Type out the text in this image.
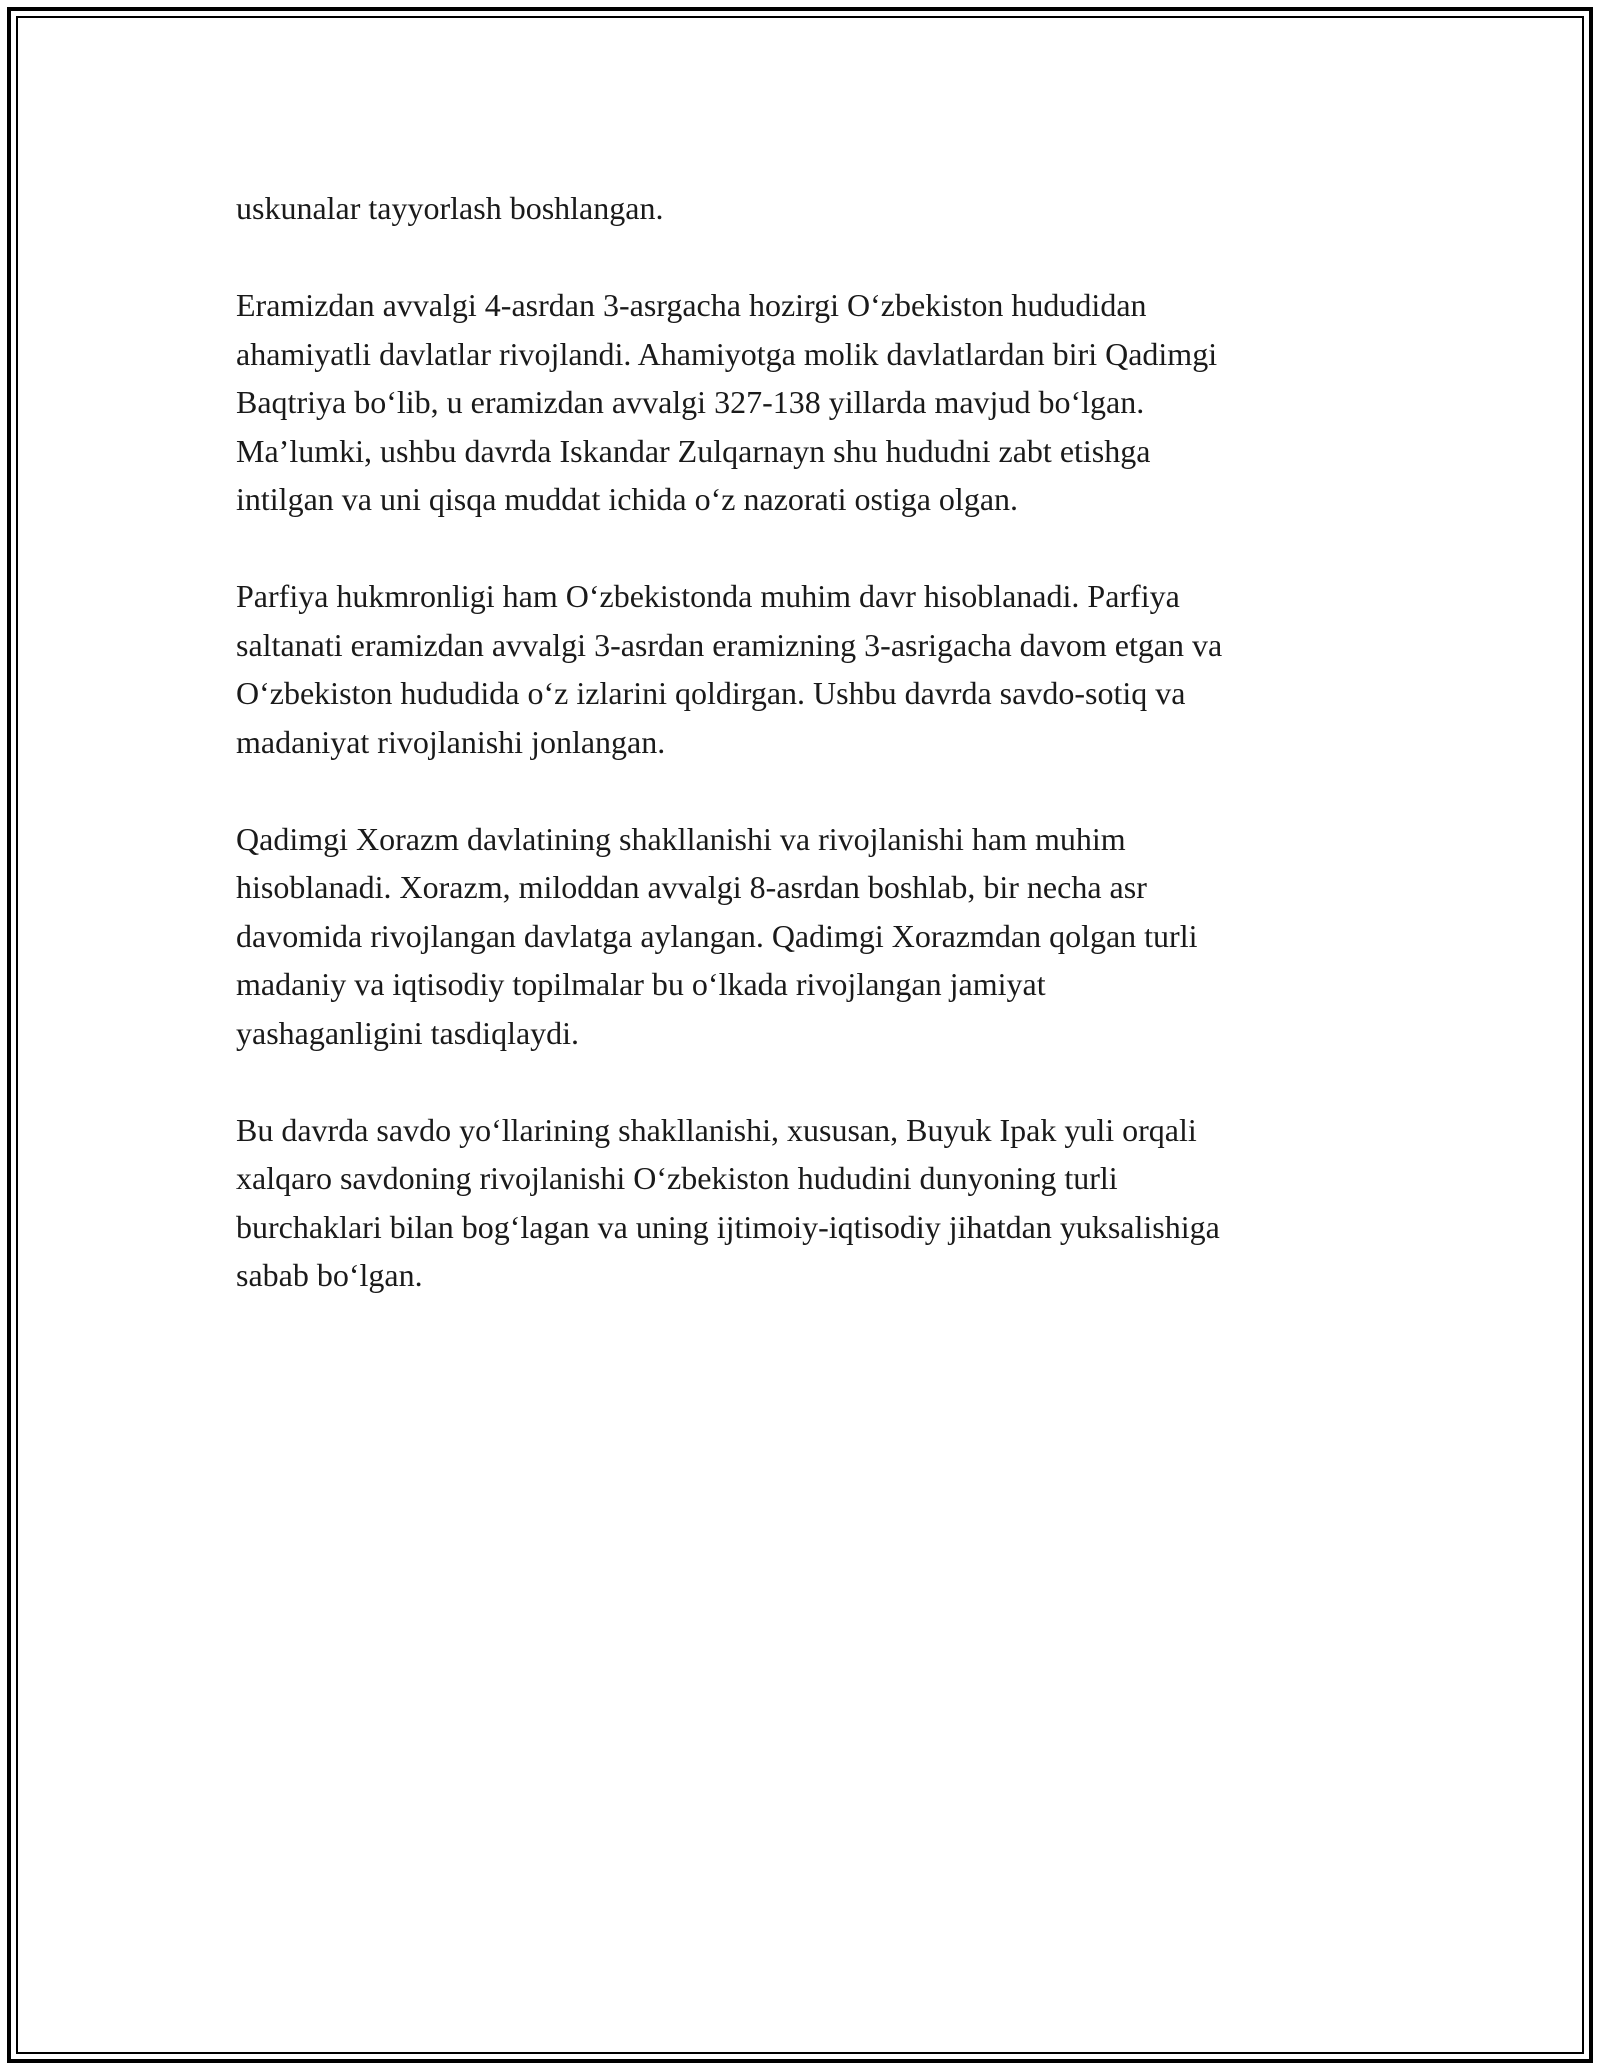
uskunalar tayyorlash boshlangan.

Eramizdan avvalgi 4-asrdan 3-asrgacha hozirgi O‘zbekiston hududidan
ahamiyatli davlatlar rivojlandi. Ahamiyotga molik davlatlardan biri Qadimgi
Baqtriya bo‘lib, u eramizdan avvalgi 327-138 yillarda mavjud bo‘lgan.
Ma’lumki, ushbu davrda Iskandar Zulqarnayn shu hududni zabt etishga
intilgan va uni qisqa muddat ichida o‘z nazorati ostiga olgan.

Parfiya hukmronligi ham O‘zbekistonda muhim davr hisoblanadi. Parfiya
saltanati eramizdan avvalgi 3-asrdan eramizning 3-asrigacha davom etgan va
O‘zbekiston hududida o‘z izlarini qoldirgan. Ushbu davrda savdo-sotiq va
madaniyat rivojlanishi jonlangan.

Qadimgi Xorazm davlatining shakllanishi va rivojlanishi ham muhim
hisoblanadi. Xorazm, miloddan avvalgi 8-asrdan boshlab, bir necha asr
davomida rivojlangan davlatga aylangan. Qadimgi Xorazmdan qolgan turli
madaniy va iqtisodiy topilmalar bu o‘lkada rivojlangan jamiyat
yashaganligini tasdiqlaydi.

Bu davrda savdo yo‘llarining shakllanishi, xususan, Buyuk Ipak yuli orqali
xalqaro savdoning rivojlanishi O‘zbekiston hududini dunyoning turli
burchaklari bilan bog‘lagan va uning ijtimoiy-iqtisodiy jihatdan yuksalishiga
sabab bo‘lgan.
